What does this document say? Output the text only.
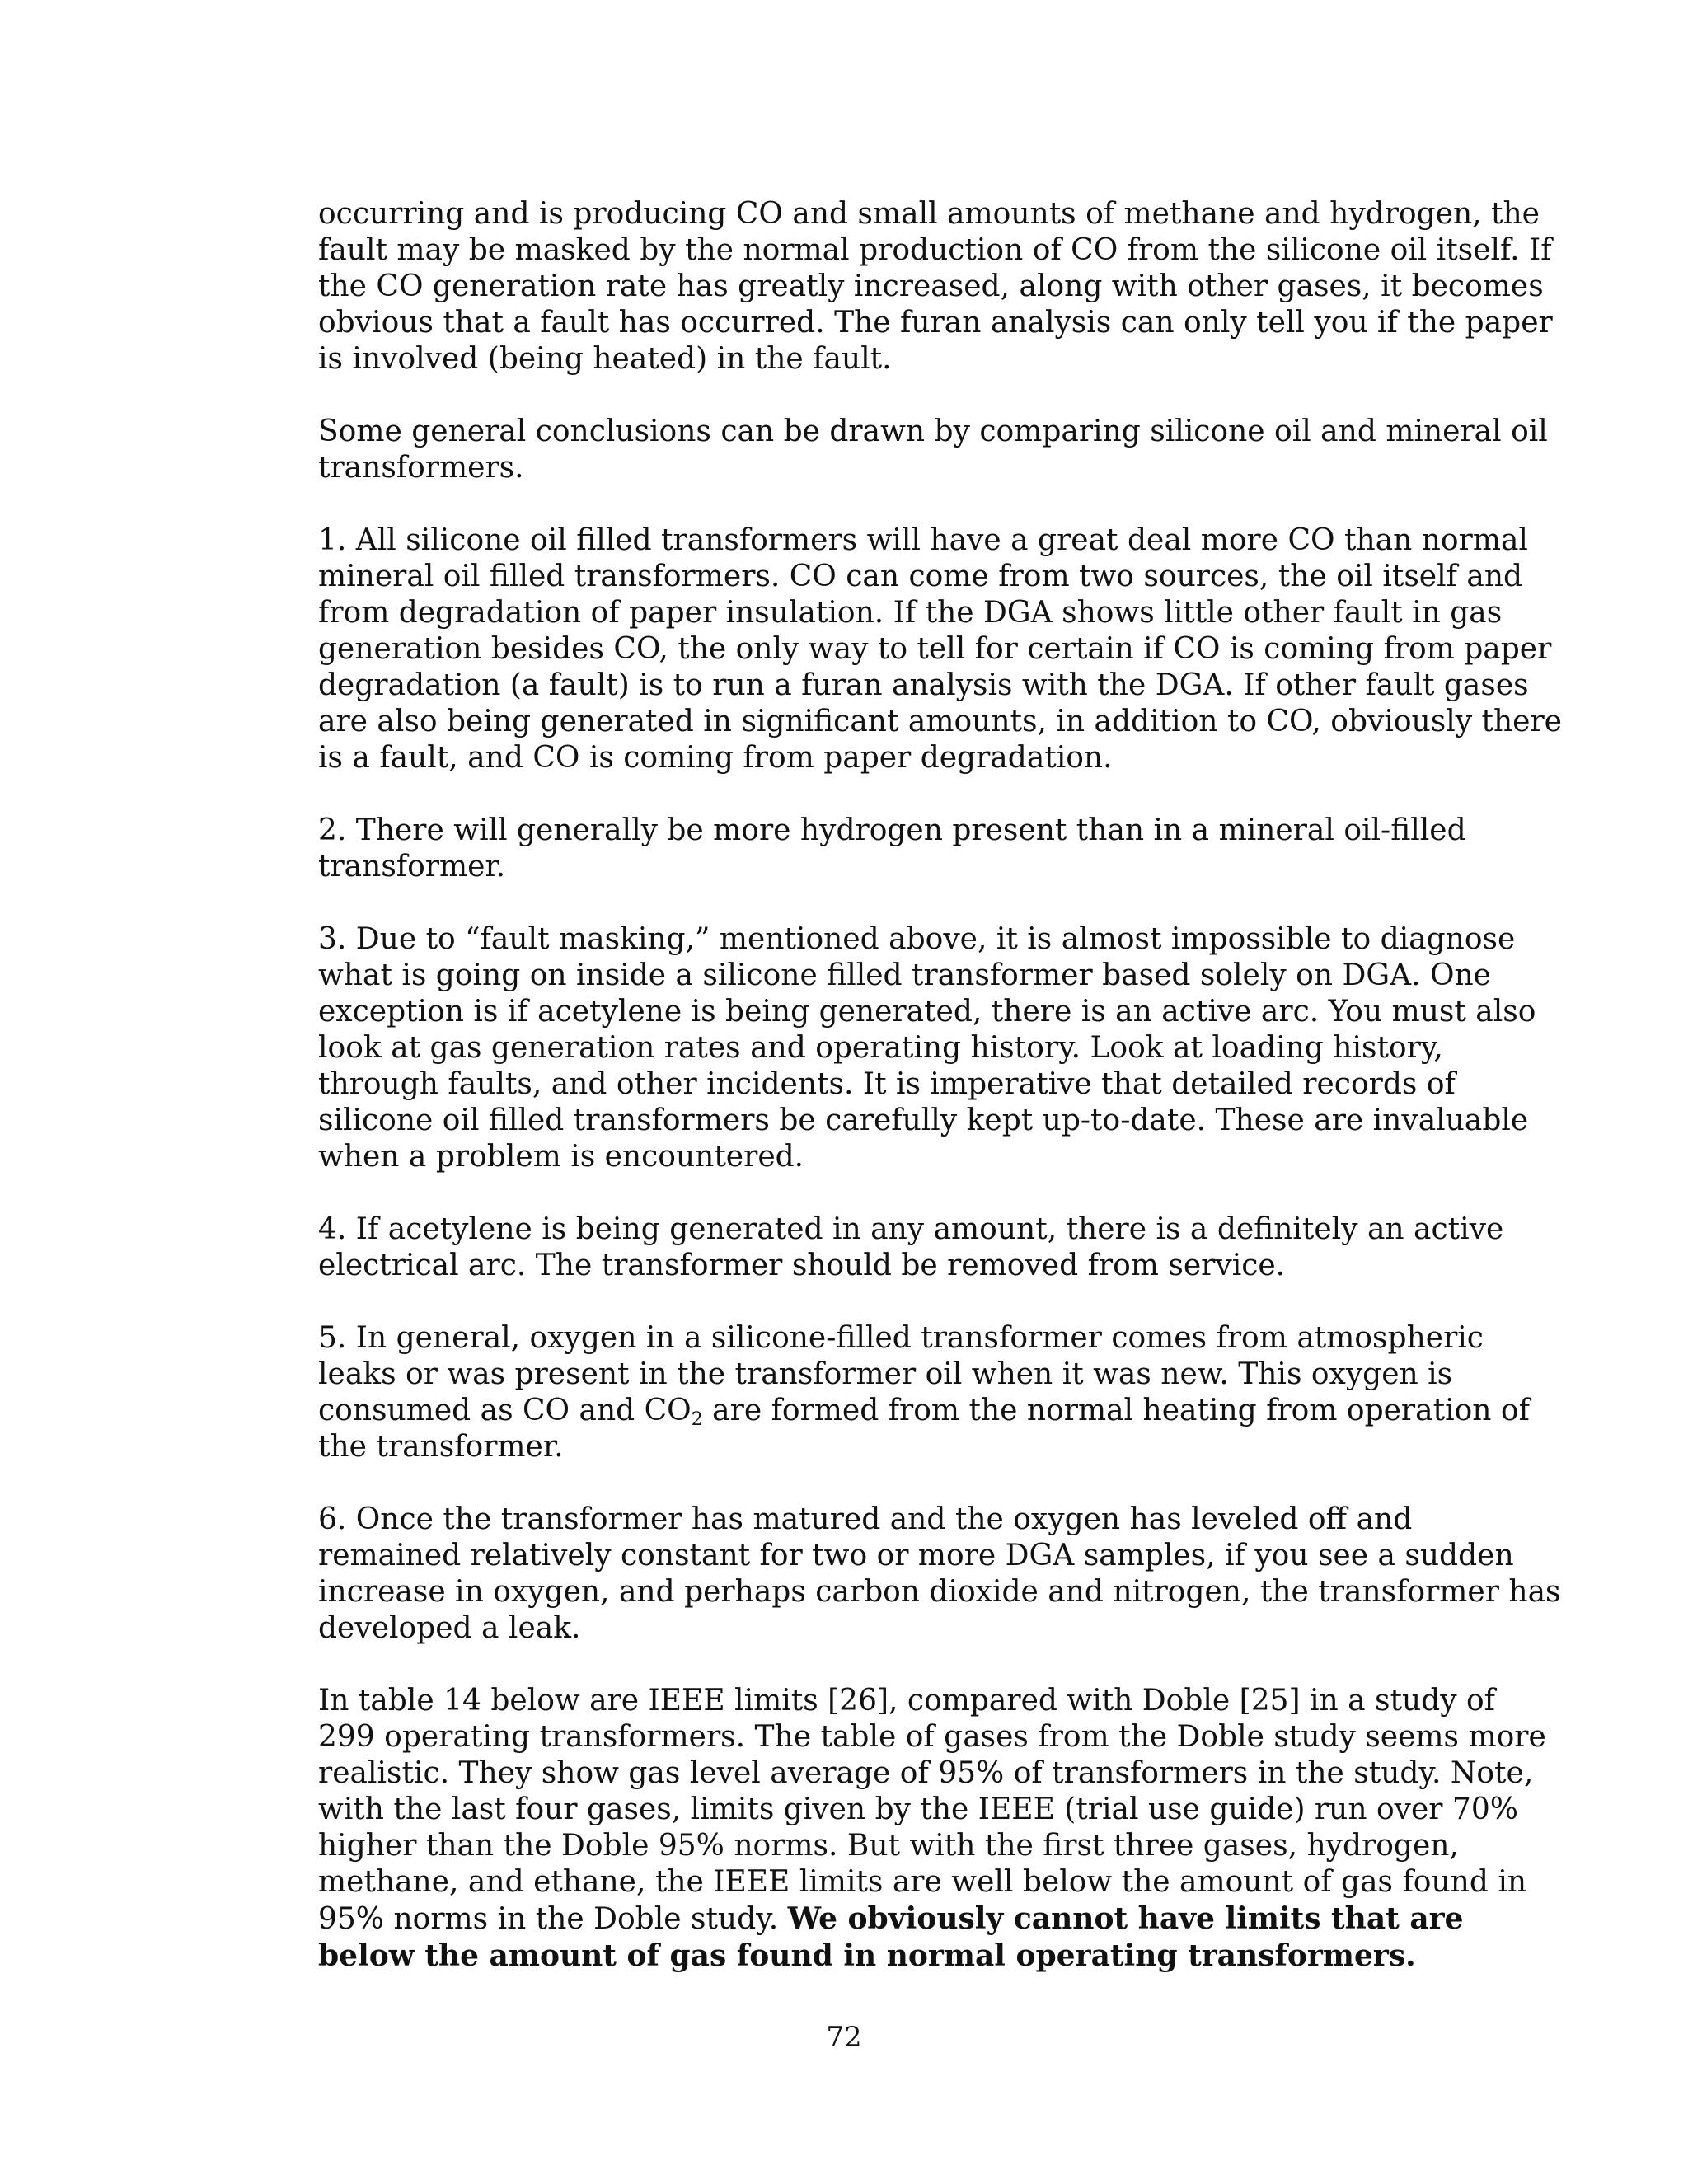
occurring and is producing CO and small amounts of methane and hydrogen, the
fault may be masked by the normal production of CO from the silicone oil itself. If
the CO generation rate has greatly increased, along with other gases, it becomes
obvious that a fault has occurred. The furan analysis can only tell you if the paper
is involved (being heated) in the fault.

Some general conclusions can be drawn by comparing silicone oil and mineral oil
transformers.

1. All silicone oil filled transformers will have a great deal more CO than normal
mineral oil filled transformers. CO can come from two sources, the oil itself and
from degradation of paper insulation. If the DGA shows little other fault in gas
generation besides CO, the only way to tell for certain if CO is coming from paper
degradation (a fault) is to run a furan analysis with the DGA. If other fault gases
are also being generated in significant amounts, in addition to CO, obviously there
is a fault, and CO is coming from paper degradation.

2. There will generally be more hydrogen present than in a mineral oil-filled
transformer.

3. Due to “fault masking,” mentioned above, it is almost impossible to diagnose
what is going on inside a silicone filled transformer based solely on DGA. One
exception is if acetylene is being generated, there is an active arc. You must also
look at gas generation rates and operating history. Look at loading history,
through faults, and other incidents. It is imperative that detailed records of
silicone oil filled transformers be carefully kept up-to-date. These are invaluable
when a problem is encountered.

4. If acetylene is being generated in any amount, there is a definitely an active
electrical arc. The transformer should be removed from service.

5. In general, oxygen in a silicone-filled transformer comes from atmospheric
leaks or was present in the transformer oil when it was new. This oxygen is
consumed as CO and $CO_2$ are formed from the normal heating from operation of
the transformer.

6. Once the transformer has matured and the oxygen has leveled off and
remained relatively constant for two or more DGA samples, if you see a sudden
increase in oxygen, and perhaps carbon dioxide and nitrogen, the transformer has
developed a leak.

In table 14 below are IEEE limits [26], compared with Doble [25] in a study of
299 operating transformers. The table of gases from the Doble study seems more
realistic. They show gas level average of 95% of transformers in the study. Note,
with the last four gases, limits given by the IEEE (trial use guide) run over 70%
higher than the Doble 95% norms. But with the first three gases, hydrogen,
methane, and ethane, the IEEE limits are well below the amount of gas found in
95% norms in the Doble study. We obviously cannot have limits that are
below the amount of gas found in normal operating transformers.

72
